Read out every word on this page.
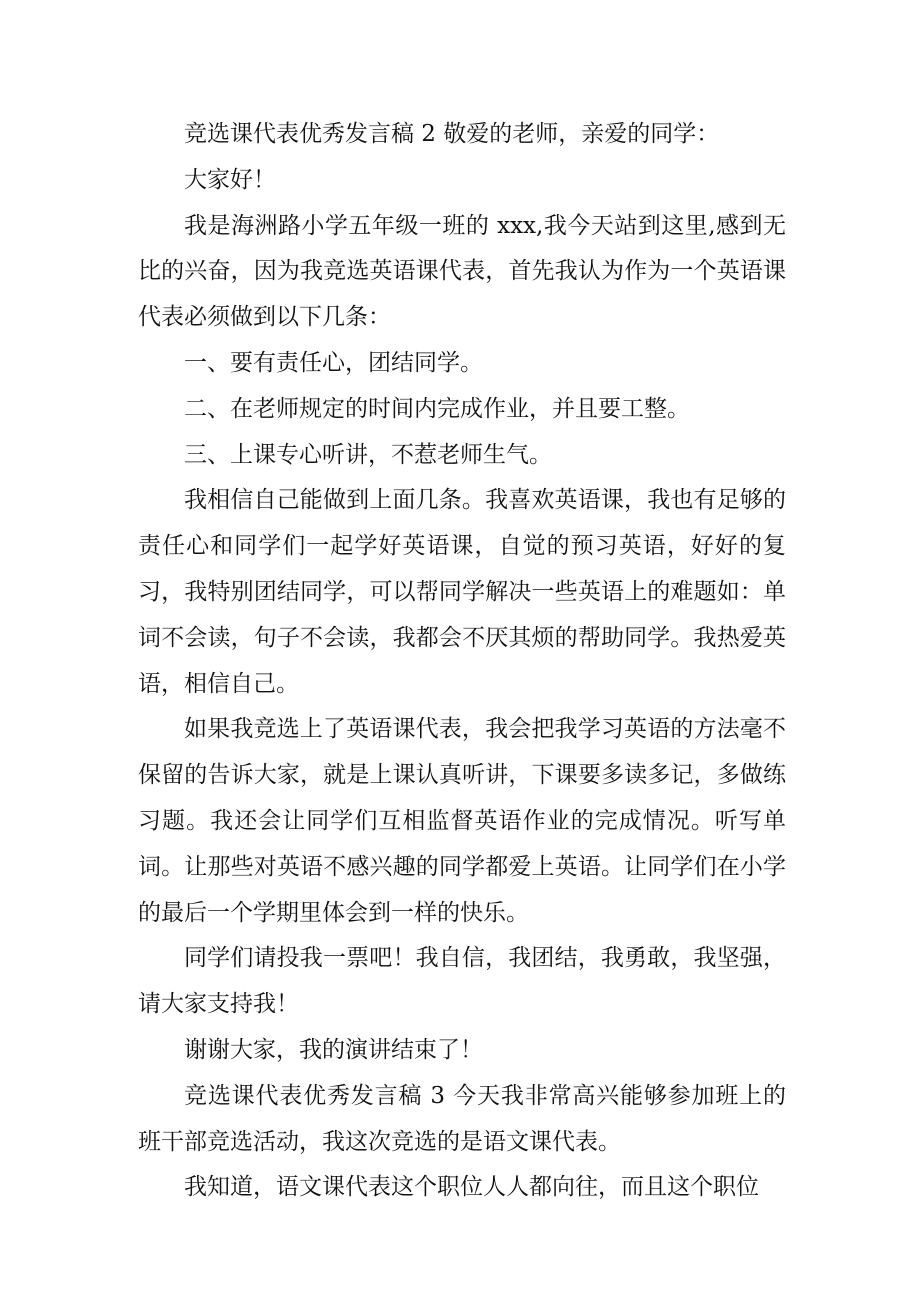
竞选课代表优秀发言稿 2 敬爱的老师，亲爱的同学：

大家好！

我是海洲路小学五年级一班的 xxx,我今天站到这里,感到无比的兴奋，因为我竞选英语课代表，首先我认为作为一个英语课代表必须做到以下几条：

一、要有责任心，团结同学。

二、在老师规定的时间内完成作业，并且要工整。

三、上课专心听讲，不惹老师生气。

我相信自己能做到上面几条。我喜欢英语课，我也有足够的责任心和同学们一起学好英语课，自觉的预习英语，好好的复习，我特别团结同学，可以帮同学解决一些英语上的难题如：单词不会读，句子不会读，我都会不厌其烦的帮助同学。我热爱英语，相信自己。

如果我竞选上了英语课代表，我会把我学习英语的方法毫不保留的告诉大家，就是上课认真听讲，下课要多读多记，多做练习题。我还会让同学们互相监督英语作业的完成情况。听写单词。让那些对英语不感兴趣的同学都爱上英语。让同学们在小学的最后一个学期里体会到一样的快乐。

同学们请投我一票吧！我自信，我团结，我勇敢，我坚强，请大家支持我！

谢谢大家，我的演讲结束了！

竞选课代表优秀发言稿 3 今天我非常高兴能够参加班上的班干部竞选活动，我这次竞选的是语文课代表。

我知道，语文课代表这个职位人人都向往，而且这个职位
